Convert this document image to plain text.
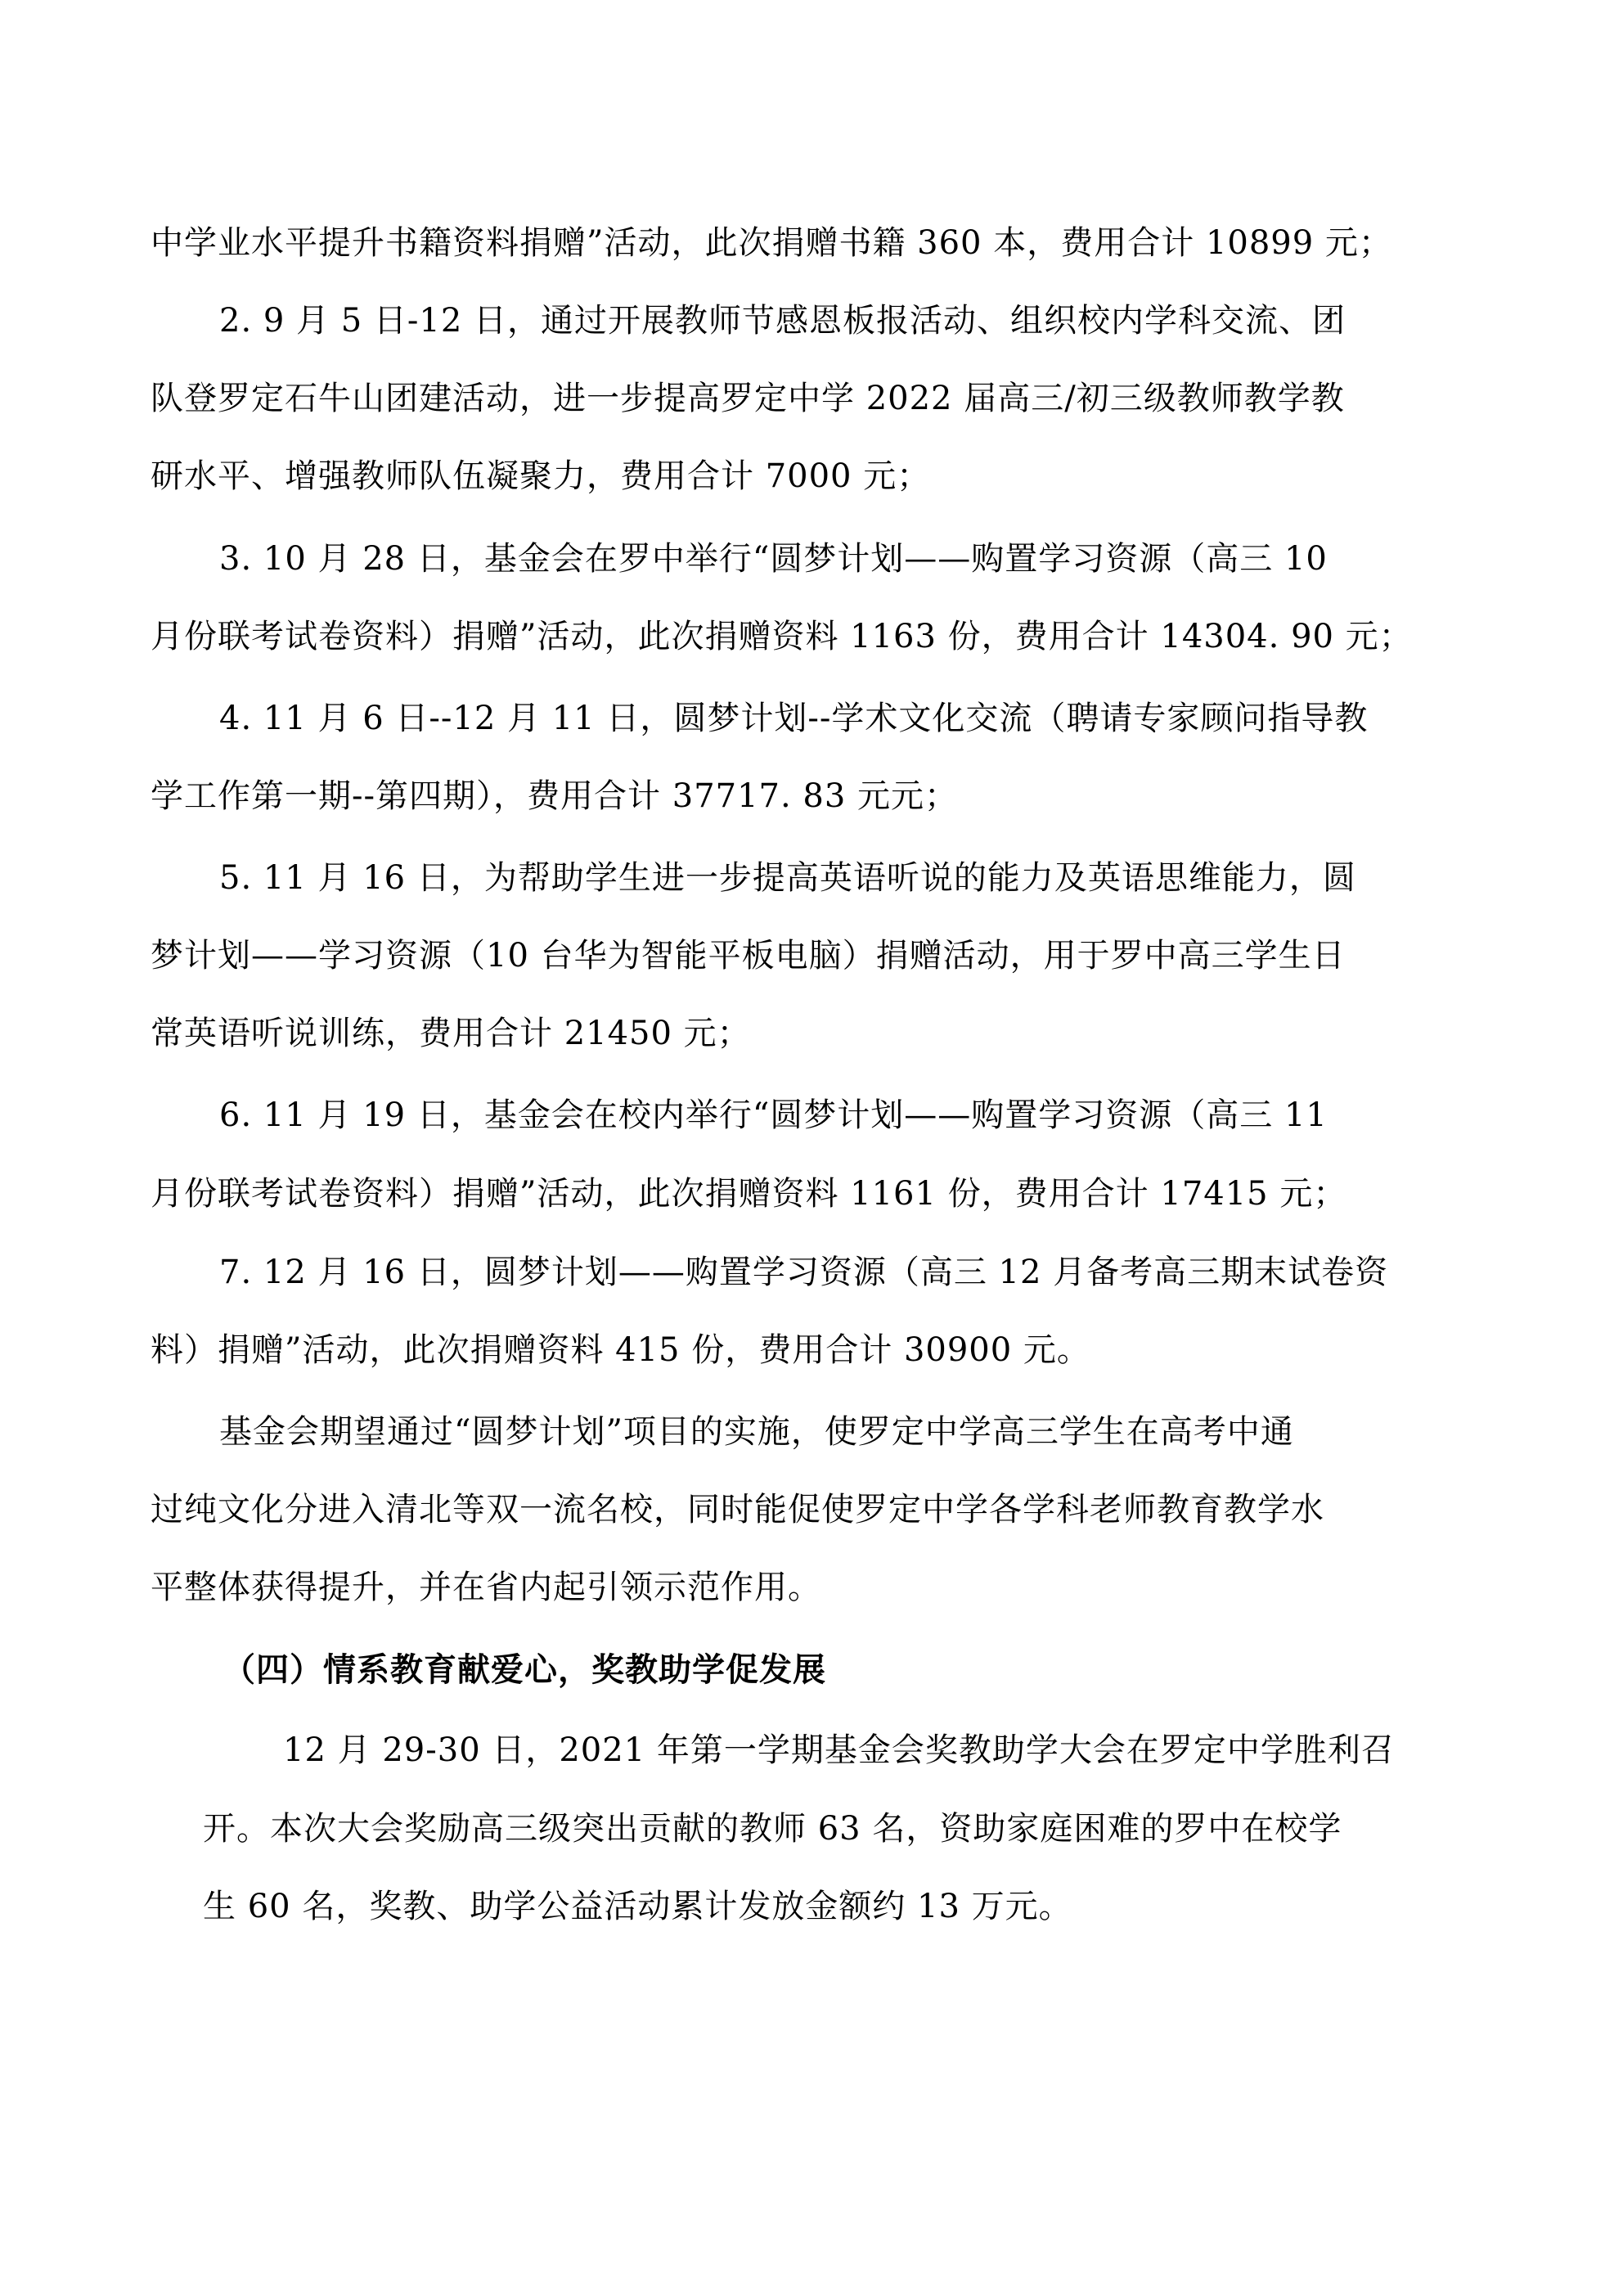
中学业水平提升书籍资料捐赠”活动，此次捐赠书籍 360 本，费用合计 10899 元；
2. 9 月 5 日-12 日，通过开展教师节感恩板报活动、组织校内学科交流、团
队登罗定石牛山团建活动，进一步提高罗定中学 2022 届高三/初三级教师教学教
研水平、增强教师队伍凝聚力，费用合计 7000 元；
3. 10 月 28 日，基金会在罗中举行“圆梦计划——购置学习资源（高三 10
月份联考试卷资料）捐赠”活动，此次捐赠资料 1163 份，费用合计 14304. 90 元；
4. 11 月 6 日--12 月 11 日，圆梦计划--学术文化交流（聘请专家顾问指导教
学工作第一期--第四期），费用合计 37717. 83 元元；
5. 11 月 16 日，为帮助学生进一步提高英语听说的能力及英语思维能力，圆
梦计划——学习资源（10 台华为智能平板电脑）捐赠活动，用于罗中高三学生日
常英语听说训练，费用合计 21450 元；
6. 11 月 19 日，基金会在校内举行“圆梦计划——购置学习资源（高三 11
月份联考试卷资料）捐赠”活动，此次捐赠资料 1161 份，费用合计 17415 元；
7. 12 月 16 日，圆梦计划——购置学习资源（高三 12 月备考高三期末试卷资
料）捐赠”活动，此次捐赠资料 415 份，费用合计 30900 元。
基金会期望通过“圆梦计划”项目的实施，使罗定中学高三学生在高考中通
过纯文化分进入清北等双一流名校，同时能促使罗定中学各学科老师教育教学水
平整体获得提升，并在省内起引领示范作用。
（四）情系教育献爱心，奖教助学促发展
12 月 29-30 日，2021 年第一学期基金会奖教助学大会在罗定中学胜利召
开。本次大会奖励高三级突出贡献的教师 63 名，资助家庭困难的罗中在校学
生 60 名，奖教、助学公益活动累计发放金额约 13 万元。
